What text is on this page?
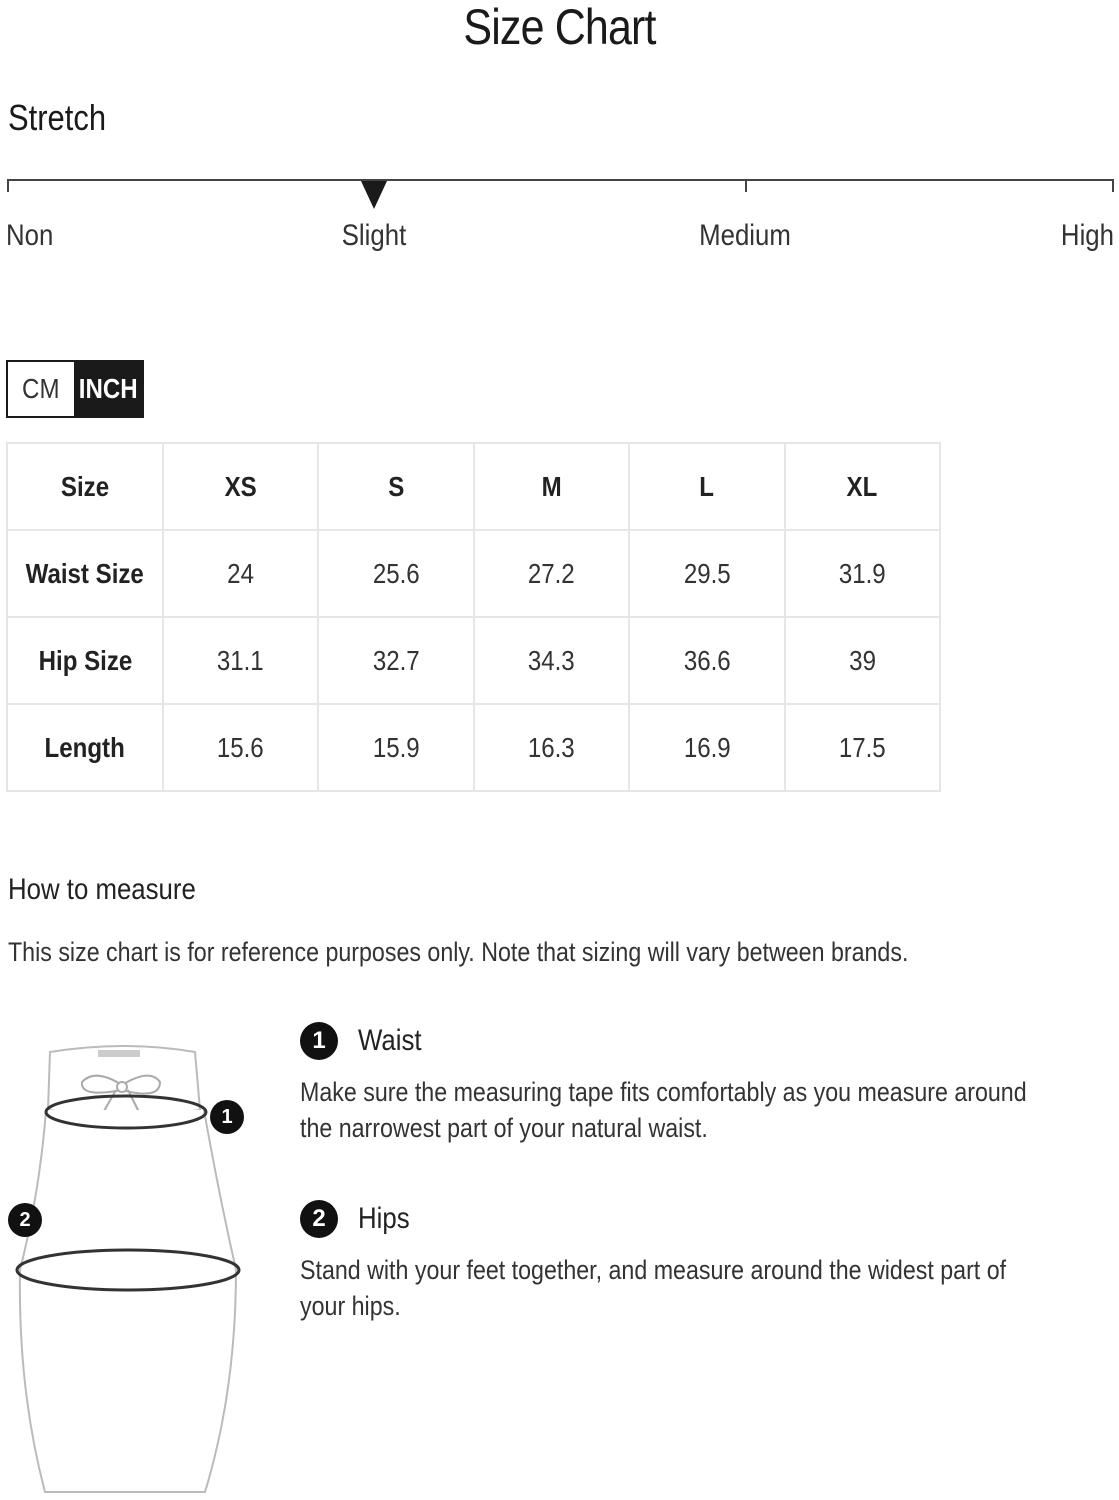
Size Chart
Stretch
Non	Slight	Medium	High
CM INCH
Size	XS	S	M	L	XL
Waist Size	24	25.6	27.2	29.5	31.9
Hip Size	31.1	32.7	34.3	36.6	39
Length	15.6	15.9	16.3	16.9	17.5
How to measure
This size chart is for reference purposes only. Note that sizing will vary between brands.
1
2
1	Waist
Make sure the measuring tape fits comfortably as you measure around the narrowest part of your natural waist.
2	Hips
Stand with your feet together, and measure around the widest part of your hips.
